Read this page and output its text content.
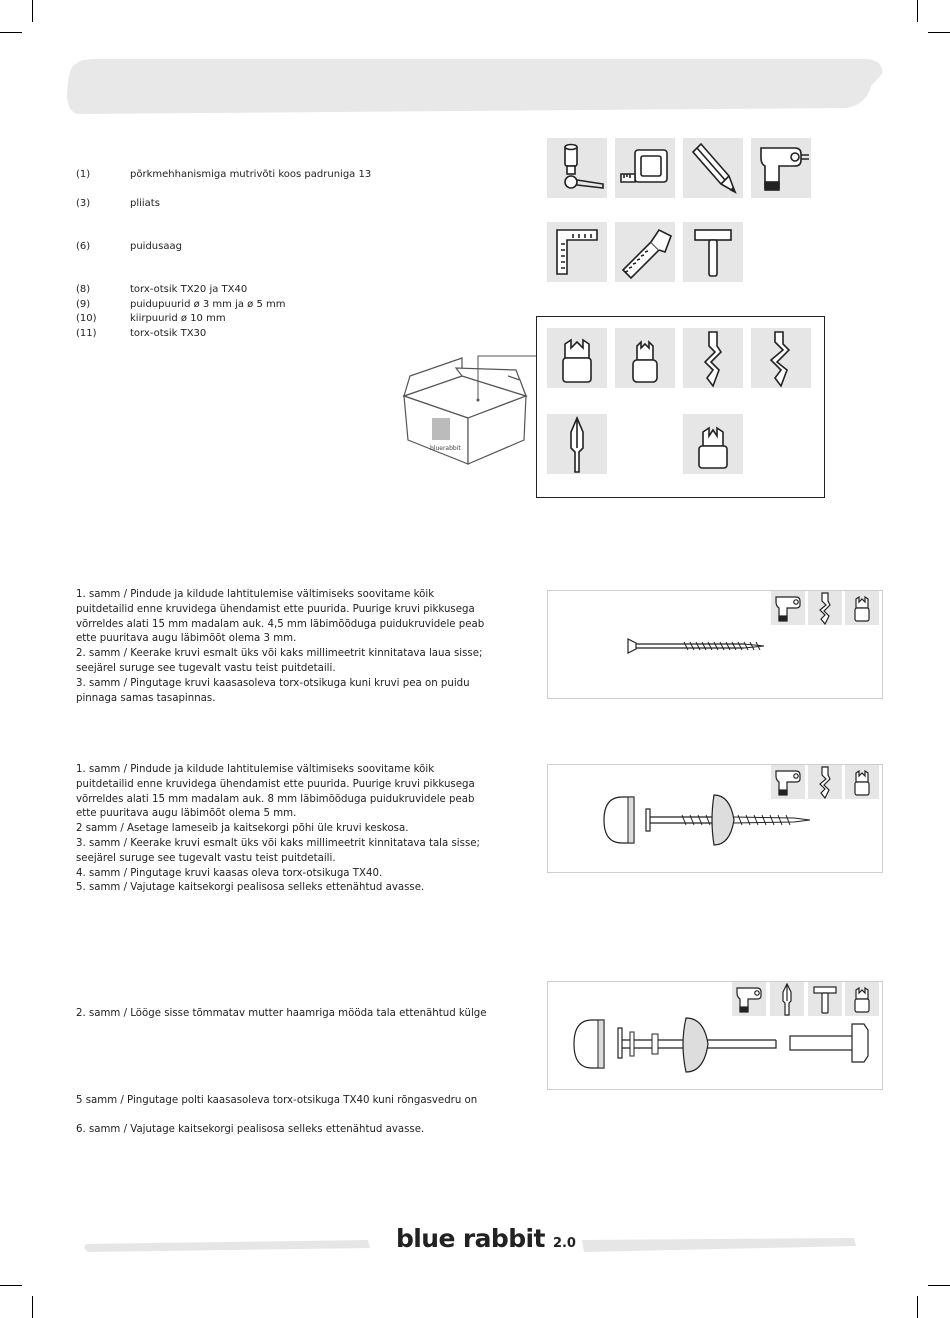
(1)	põrkmehhanismiga mutrivõti koos padruniga 13
(3)	pliiats
(6)	puidusaag
(8)	torx-otsik TX20 ja TX40
(9)	puidupuurid ø 3 mm ja ø 5 mm
(10)	kiirpuurid ø 10 mm
(11)	torx-otsik TX30
bluerabbit
1. samm / Pindude ja kildude lahtitulemise vältimiseks soovitame kõik
puitdetailid enne kruvidega ühendamist ette puurida. Puurige kruvi pikkusega
võrreldes alati 15 mm madalam auk. 4,5 mm läbimõõduga puidukruvidele peab
ette puuritava augu läbimõõt olema 3 mm.
2. samm / Keerake kruvi esmalt üks või kaks millimeetrit kinnitatava laua sisse;
seejärel suruge see tugevalt vastu teist puitdetaili.
3. samm / Pingutage kruvi kaasasoleva torx-otsikuga kuni kruvi pea on puidu
pinnaga samas tasapinnas.
1. samm / Pindude ja kildude lahtitulemise vältimiseks soovitame kõik
puitdetailid enne kruvidega ühendamist ette puurida. Puurige kruvi pikkusega
võrreldes alati 15 mm madalam auk. 8 mm läbimõõduga puidukruvidele peab
ette puuritava augu läbimõõt olema 5 mm.
2 samm / Asetage lameseib ja kaitsekorgi põhi üle kruvi keskosa.
3. samm / Keerake kruvi esmalt üks või kaks millimeetrit kinnitatava tala sisse;
seejärel suruge see tugevalt vastu teist puitdetaili.
4. samm / Pingutage kruvi kaasas oleva torx-otsikuga TX40.
5. samm / Vajutage kaitsekorgi pealisosa selleks ettenähtud avasse.
2. samm / Lööge sisse tõmmatav mutter haamriga mööda tala ettenähtud külge
5 samm / Pingutage polti kaasasoleva torx-otsikuga TX40 kuni rõngasvedru on
6. samm / Vajutage kaitsekorgi pealisosa selleks ettenähtud avasse.
blue rabbit 2.0
